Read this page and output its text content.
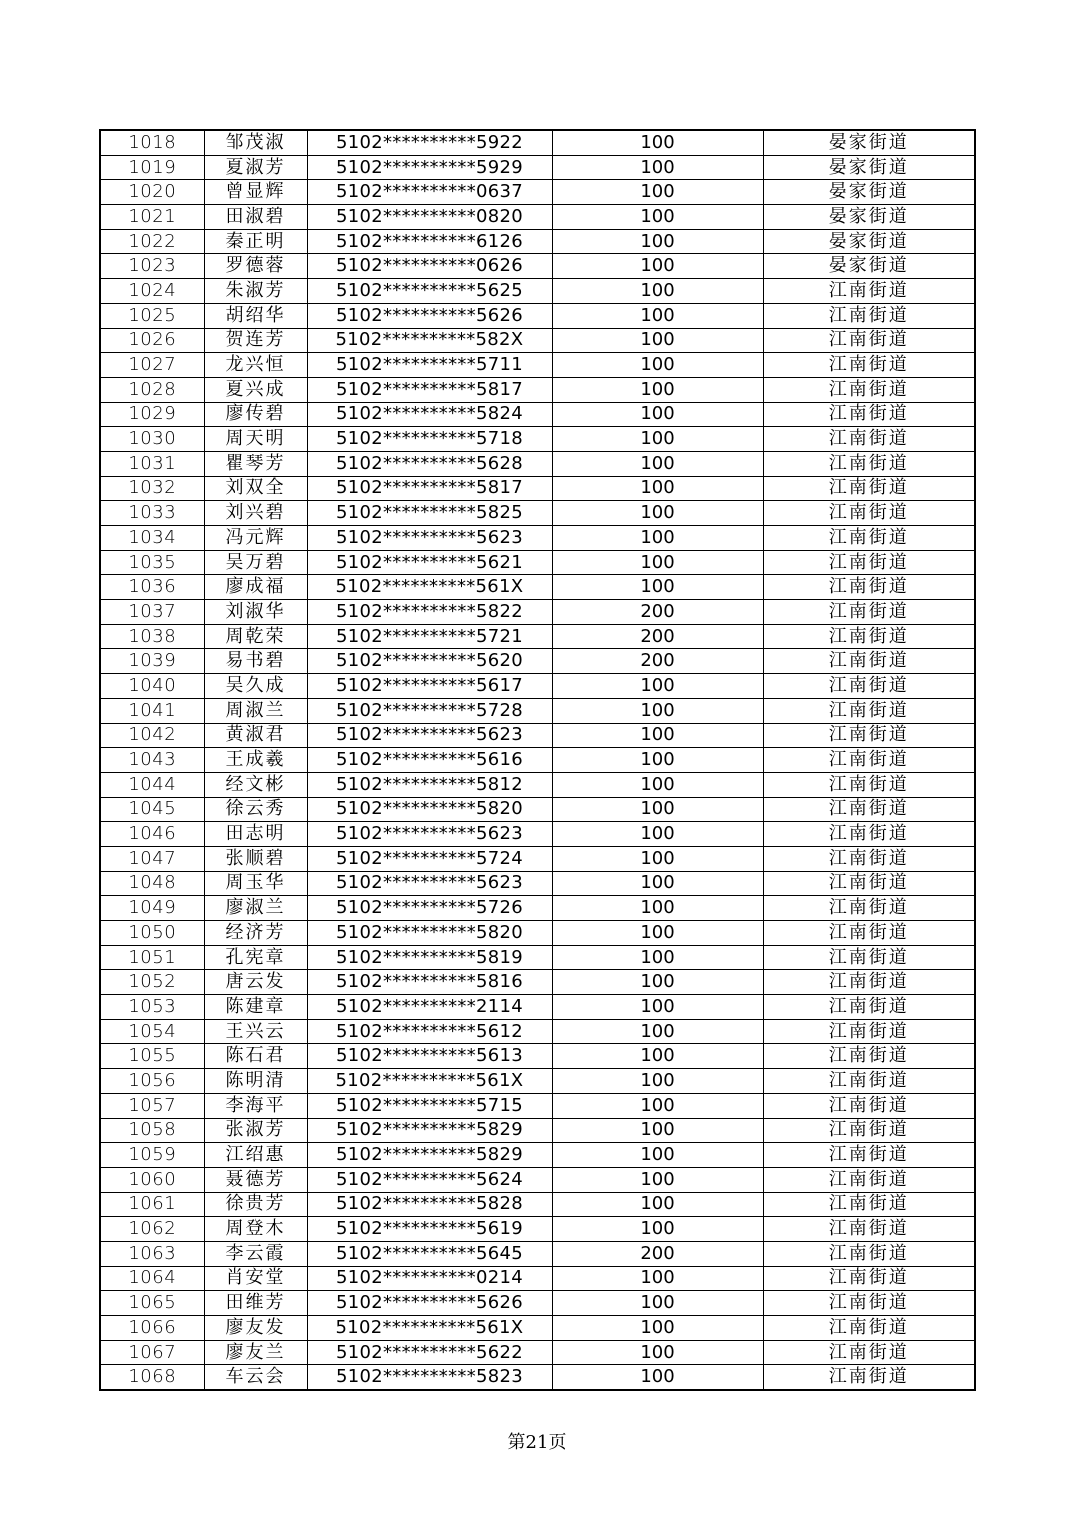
1018	邹茂淑	5102**********5922	100	晏家街道
1019	夏淑芳	5102**********5929	100	晏家街道
1020	曾显辉	5102**********0637	100	晏家街道
1021	田淑碧	5102**********0820	100	晏家街道
1022	秦正明	5102**********6126	100	晏家街道
1023	罗德蓉	5102**********0626	100	晏家街道
1024	朱淑芳	5102**********5625	100	江南街道
1025	胡绍华	5102**********5626	100	江南街道
1026	贺连芳	5102**********582X	100	江南街道
1027	龙兴恒	5102**********5711	100	江南街道
1028	夏兴成	5102**********5817	100	江南街道
1029	廖传碧	5102**********5824	100	江南街道
1030	周天明	5102**********5718	100	江南街道
1031	瞿琴芳	5102**********5628	100	江南街道
1032	刘双全	5102**********5817	100	江南街道
1033	刘兴碧	5102**********5825	100	江南街道
1034	冯元辉	5102**********5623	100	江南街道
1035	吴万碧	5102**********5621	100	江南街道
1036	廖成福	5102**********561X	100	江南街道
1037	刘淑华	5102**********5822	200	江南街道
1038	周乾荣	5102**********5721	200	江南街道
1039	易书碧	5102**********5620	200	江南街道
1040	吴久成	5102**********5617	100	江南街道
1041	周淑兰	5102**********5728	100	江南街道
1042	黄淑君	5102**********5623	100	江南街道
1043	王成羲	5102**********5616	100	江南街道
1044	经文彬	5102**********5812	100	江南街道
1045	徐云秀	5102**********5820	100	江南街道
1046	田志明	5102**********5623	100	江南街道
1047	张顺碧	5102**********5724	100	江南街道
1048	周玉华	5102**********5623	100	江南街道
1049	廖淑兰	5102**********5726	100	江南街道
1050	经济芳	5102**********5820	100	江南街道
1051	孔宪章	5102**********5819	100	江南街道
1052	唐云发	5102**********5816	100	江南街道
1053	陈建章	5102**********2114	100	江南街道
1054	王兴云	5102**********5612	100	江南街道
1055	陈石君	5102**********5613	100	江南街道
1056	陈明清	5102**********561X	100	江南街道
1057	李海平	5102**********5715	100	江南街道
1058	张淑芳	5102**********5829	100	江南街道
1059	江绍惠	5102**********5829	100	江南街道
1060	聂德芳	5102**********5624	100	江南街道
1061	徐贵芳	5102**********5828	100	江南街道
1062	周登木	5102**********5619	100	江南街道
1063	李云霞	5102**********5645	200	江南街道
1064	肖安堂	5102**********0214	100	江南街道
1065	田维芳	5102**********5626	100	江南街道
1066	廖友发	5102**********561X	100	江南街道
1067	廖友兰	5102**********5622	100	江南街道
1068	车云会	5102**********5823	100	江南街道
第21页
